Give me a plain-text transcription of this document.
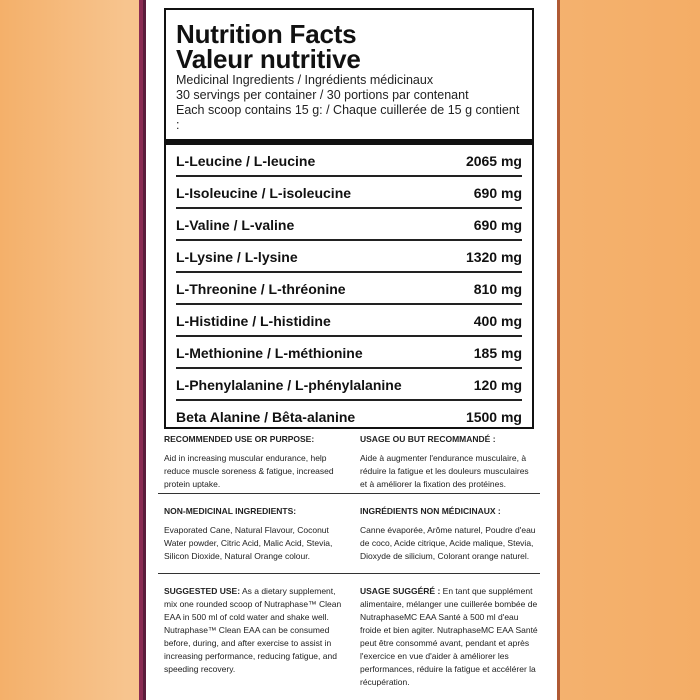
Nutrition Facts
Valeur nutritive
Medicinal Ingredients / Ingrédients médicinaux
30 servings per container / 30 portions par contenant
Each scoop contains 15 g: / Chaque cuillerée de 15 g contient :
L-Leucine / L-leucine	2065 mg
L-Isoleucine / L-isoleucine	690 mg
L-Valine / L-valine	690 mg
L-Lysine / L-lysine	1320 mg
L-Threonine / L-thréonine	810 mg
L-Histidine / L-histidine	400 mg
L-Methionine / L-méthionine	185 mg
L-Phenylalanine / L-phénylalanine	120 mg
Beta Alanine / Bêta-alanine	1500 mg
RECOMMENDED USE OR PURPOSE:
Aid in increasing muscular endurance, help reduce muscle soreness & fatigue, increased protein uptake.
USAGE OU BUT RECOMMANDÉ :
Aide à augmenter l'endurance musculaire, à réduire la fatigue et les douleurs musculaires et à améliorer la fixation des protéines.
NON-MEDICINAL INGREDIENTS:
Evaporated Cane, Natural Flavour, Coconut Water powder, Citric Acid, Malic Acid, Stevia, Silicon Dioxide, Natural Orange colour.
INGRÉDIENTS NON MÉDICINAUX :
Canne évaporée, Arôme naturel, Poudre d'eau de coco, Acide citrique, Acide malique, Stevia, Dioxyde de silicium, Colorant orange naturel.
SUGGESTED USE: As a dietary supplement, mix one rounded scoop of Nutraphase™ Clean EAA in 500 ml of cold water and shake well. Nutraphase™ Clean EAA can be consumed before, during, and after exercise to assist in increasing performance, reducing fatigue, and speeding recovery.
USAGE SUGGÉRÉ : En tant que supplément alimentaire, mélanger une cuillerée bombée de NutraphaseMC EAA Santé à 500 ml d'eau froide et bien agiter. NutraphaseMC EAA Santé peut être consommé avant, pendant et après l'exercice en vue d'aider à améliorer les performances, réduire la fatigue et accélérer la récupération.
